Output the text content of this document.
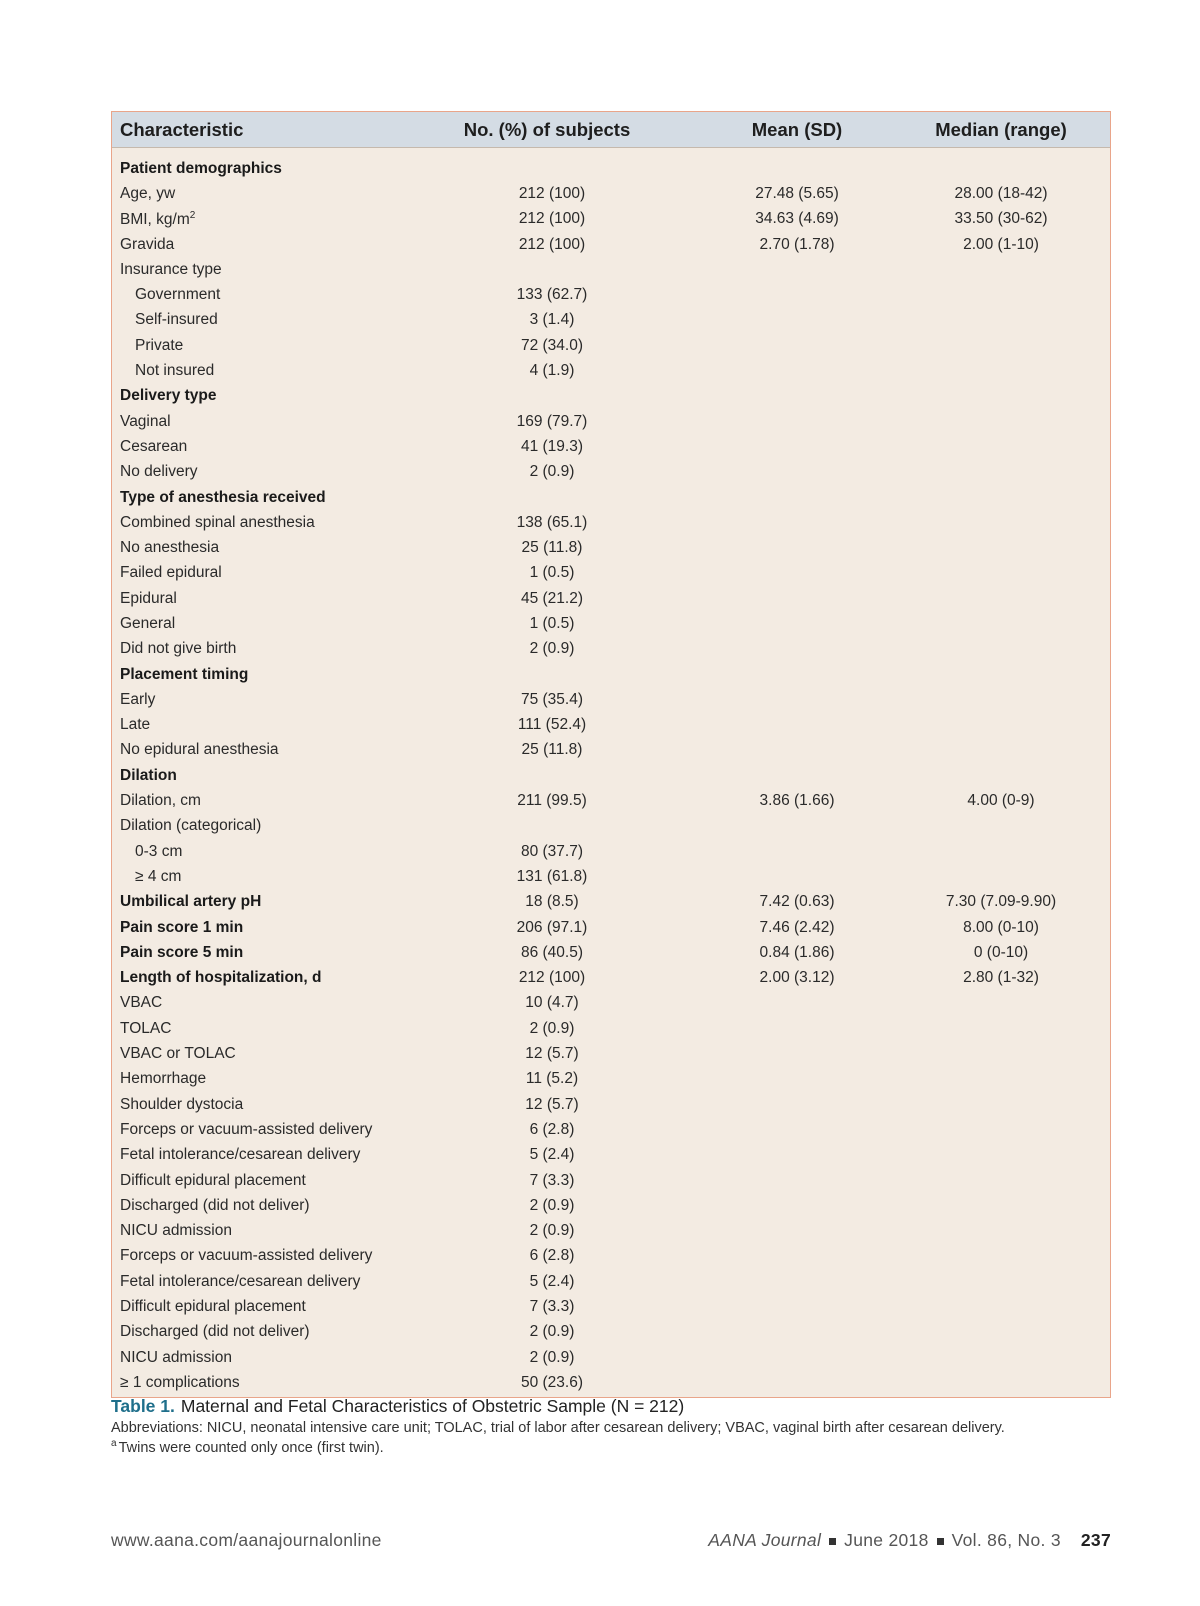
Characteristic	No. (%) of subjects	Mean (SD)	Median (range)
Patient demographics
Age, yw	212 (100)	27.48 (5.65)	28.00 (18-42)
BMI, $kg/m^2$	212 (100)	34.63 (4.69)	33.50 (30-62)
Gravida	212 (100)	2.70 (1.78)	2.00 (1-10)
Insurance type
Government	133 (62.7)
Self-insured	3 (1.4)
Private	72 (34.0)
Not insured	4 (1.9)
Delivery type
Vaginal	169 (79.7)
Cesarean	41 (19.3)
No delivery	2 (0.9)
Type of anesthesia received
Combined spinal anesthesia	138 (65.1)
No anesthesia	25 (11.8)
Failed epidural	1 (0.5)
Epidural	45 (21.2)
General	1 (0.5)
Did not give birth	2 (0.9)
Placement timing
Early	75 (35.4)
Late	111 (52.4)
No epidural anesthesia	25 (11.8)
Dilation
Dilation, cm	211 (99.5)	3.86 (1.66)	4.00 (0-9)
Dilation (categorical)
0-3 cm	80 (37.7)
≥ 4 cm	131 (61.8)
Umbilical artery pH	18 (8.5)	7.42 (0.63)	7.30 (7.09-9.90)
Pain score 1 min	206 (97.1)	7.46 (2.42)	8.00 (0-10)
Pain score 5 min	86 (40.5)	0.84 (1.86)	0 (0-10)
Length of hospitalization, d	212 (100)	2.00 (3.12)	2.80 (1-32)
VBAC	10 (4.7)
TOLAC	2 (0.9)
VBAC or TOLAC	12 (5.7)
Hemorrhage	11 (5.2)
Shoulder dystocia	12 (5.7)
Forceps or vacuum-assisted delivery	6 (2.8)
Fetal intolerance/cesarean delivery	5 (2.4)
Difficult epidural placement	7 (3.3)
Discharged (did not deliver)	2 (0.9)
NICU admission	2 (0.9)
Forceps or vacuum-assisted delivery	6 (2.8)
Fetal intolerance/cesarean delivery	5 (2.4)
Difficult epidural placement	7 (3.3)
Discharged (did not deliver)	2 (0.9)
NICU admission	2 (0.9)
≥ 1 complications	50 (23.6)
Table 1. Maternal and Fetal Characteristics of Obstetric Sample (N = 212)
Abbreviations: NICU, neonatal intensive care unit; TOLAC, trial of labor after cesarean delivery; VBAC, vaginal birth after cesarean delivery.
$^a$ Twins were counted only once (first twin).
www.aana.com/aanajournalonline	AANA Journal June 2018 Vol. 86, No. 3 237
